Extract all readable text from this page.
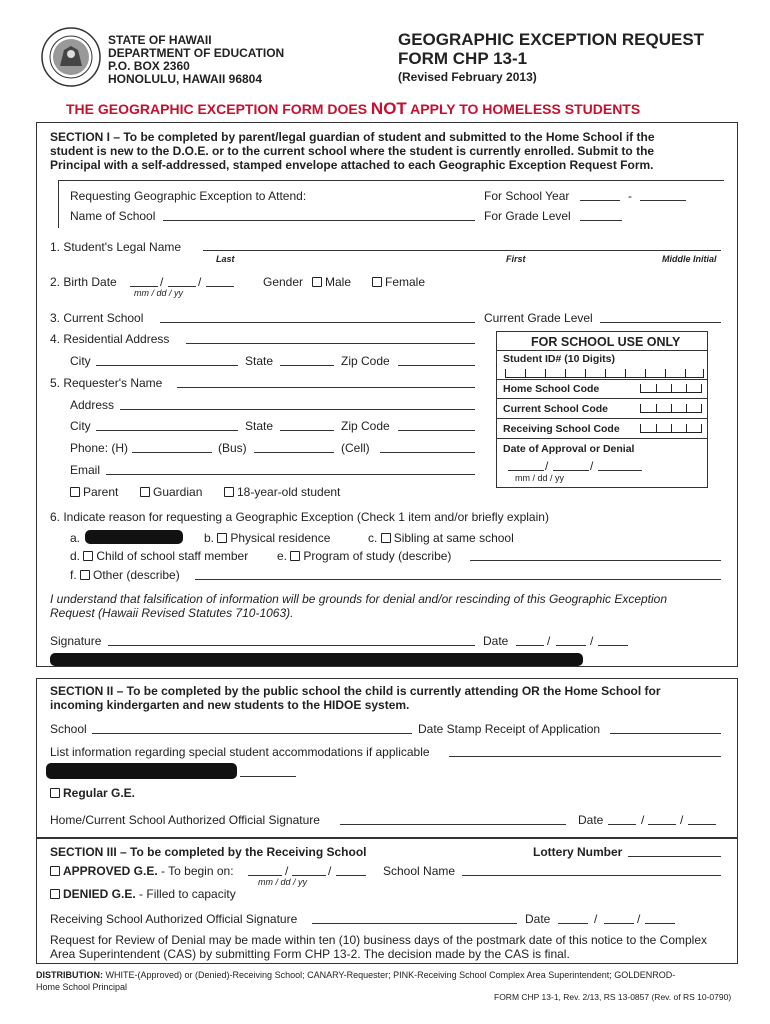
STATE OF HAWAII
DEPARTMENT OF EDUCATION
P.O. BOX 2360
HONOLULU, HAWAII 96804
GEOGRAPHIC EXCEPTION REQUEST
FORM CHP 13-1
(Revised February 2013)
THE GEOGRAPHIC EXCEPTION FORM DOES NOT APPLY TO HOMELESS STUDENTS
SECTION I – To be completed by parent/legal guardian of student and submitted to the Home School if the student is new to the D.O.E. or to the current school where the student is currently enrolled. Submit to the Principal with a self-addressed, stamped envelope attached to each Geographic Exception Request Form.
Requesting Geographic Exception to Attend:
Name of School
For School Year	-
For Grade Level
1. Student's Legal Name
Last	First	Middle Initial
2. Birth Date	/	/
mm / dd / yy
Gender	Male	Female
3. Current School	Current Grade Level
4. Residential Address
City	State	Zip Code
5. Requester's Name
Address
City	State	Zip Code
Phone: (H)	(Bus)	(Cell)
Email
Parent	Guardian	18-year-old student
FOR SCHOOL USE ONLY
Student ID# (10 Digits)
Home School Code
Current School Code
Receiving School Code
Date of Approval or Denial
/	/
mm / dd / yy
6. Indicate reason for requesting a Geographic Exception (Check 1 item and/or briefly explain)
a.	b. Physical residence	c. Sibling at same school
d. Child of school staff member e. Program of study (describe)
f. Other (describe)
I understand that falsification of information will be grounds for denial and/or rescinding of this Geographic Exception Request (Hawaii Revised Statutes 710-1063).
Signature	Date	/	/
SECTION II – To be completed by the public school the child is currently attending OR the Home School for incoming kindergarten and new students to the HIDOE system.
School	Date Stamp Receipt of Application
List information regarding special student accommodations if applicable
Regular G.E.
Home/Current School Authorized Official Signature	Date	/	/
SECTION III – To be completed by the Receiving School	Lottery Number
APPROVED G.E. - To begin on:	/	/
mm / dd / yy
School Name
DENIED G.E. - Filled to capacity
Receiving School Authorized Official Signature	Date	/	/
Request for Review of Denial may be made within ten (10) business days of the postmark date of this notice to the Complex Area Superintendent (CAS) by submitting Form CHP 13-2. The decision made by the CAS is final.
DISTRIBUTION: WHITE-(Approved) or (Denied)-Receiving School; CANARY-Requester; PINK-Receiving School Complex Area Superintendent; GOLDENROD-Home School Principal
FORM CHP 13-1, Rev. 2/13, RS 13-0857 (Rev. of RS 10-0790)
